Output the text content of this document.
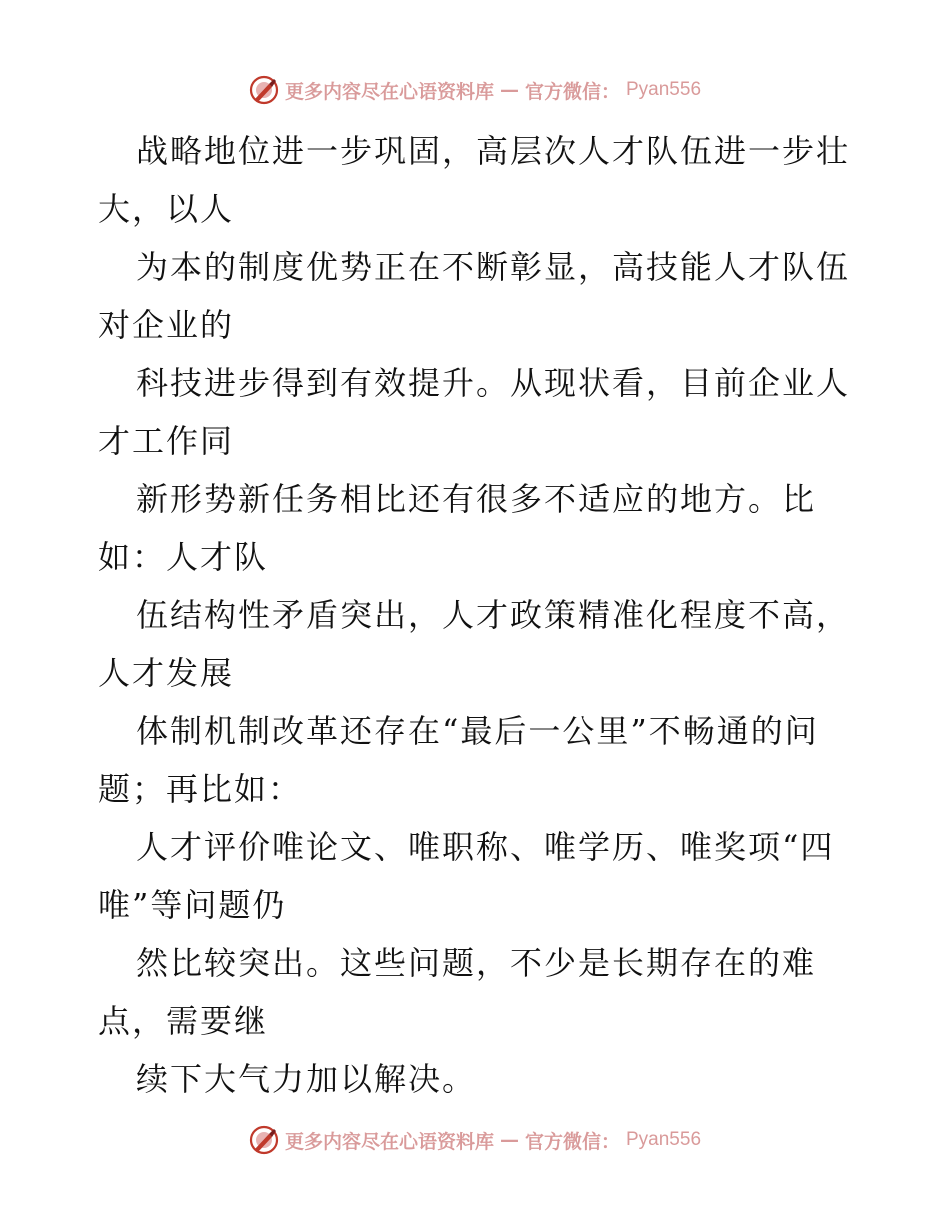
更多内容尽在心语资料库 — 官方微信： Pyan556
战略地位进一步巩固，高层次人才队伍进一步壮
大，以人
为本的制度优势正在不断彰显，高技能人才队伍
对企业的
科技进步得到有效提升。从现状看，目前企业人
才工作同
新形势新任务相比还有很多不适应的地方。比
如：人才队
伍结构性矛盾突出，人才政策精准化程度不高，
人才发展
体制机制改革还存在“最后一公里”不畅通的问
题；再比如：
人才评价唯论文、唯职称、唯学历、唯奖项“四
唯”等问题仍
然比较突出。这些问题，不少是长期存在的难
点，需要继
续下大气力加以解决。
更多内容尽在心语资料库 — 官方微信： Pyan556
